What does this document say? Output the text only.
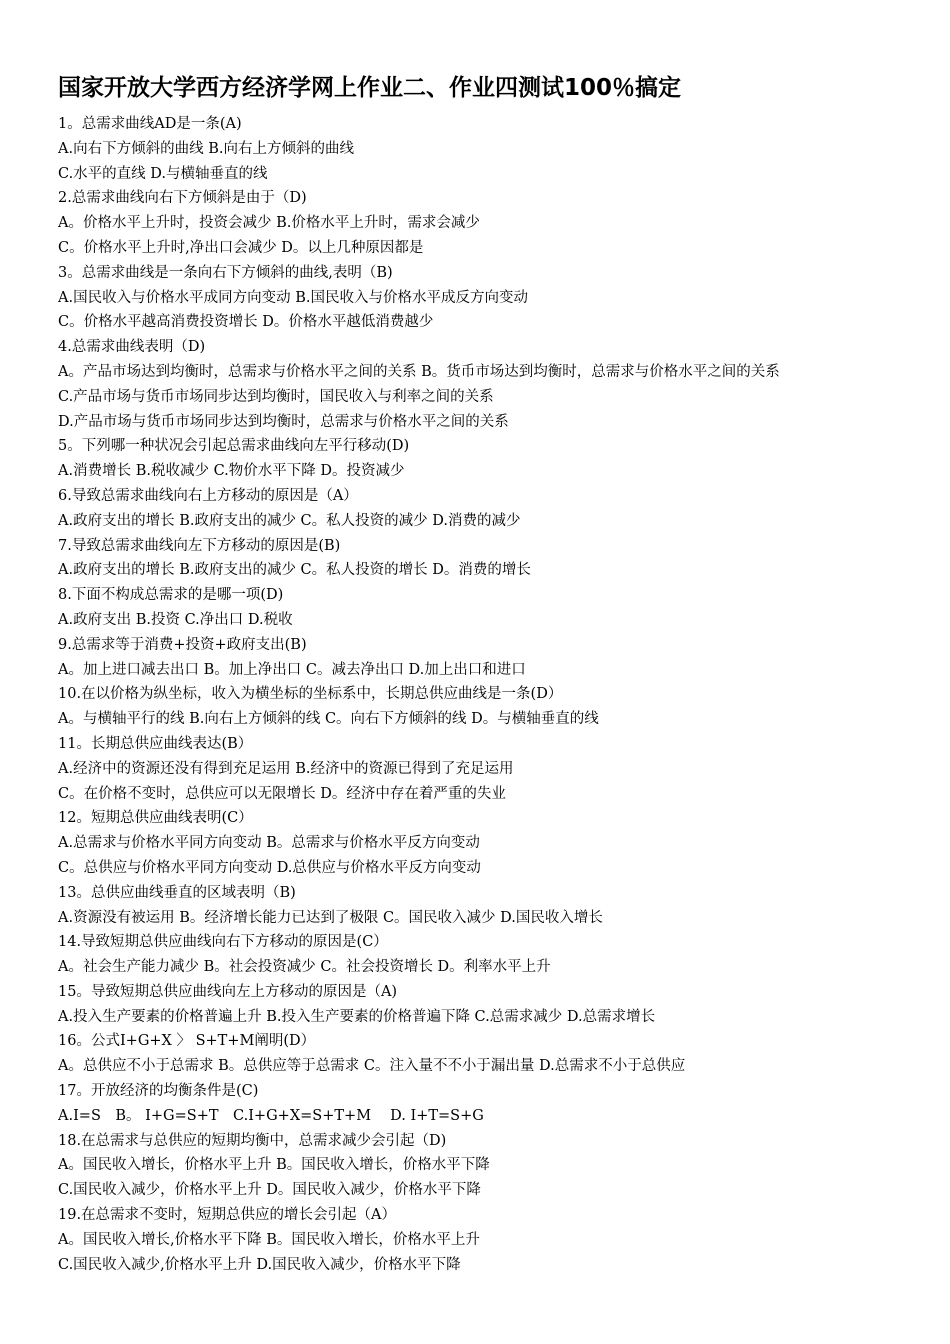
国家开放大学西方经济学网上作业二、作业四测试100％搞定
1。总需求曲线AD是一条(A)
A.向右下方倾斜的曲线 B.向右上方倾斜的曲线
C.水平的直线 D.与横轴垂直的线
2.总需求曲线向右下方倾斜是由于（D)
A。价格水平上升时，投资会减少 B.价格水平上升时，需求会减少
C。价格水平上升时,净出口会减少 D。以上几种原因都是
3。总需求曲线是一条向右下方倾斜的曲线,表明（B)
A.国民收入与价格水平成同方向变动 B.国民收入与价格水平成反方向变动
C。价格水平越高消费投资增长 D。价格水平越低消费越少
4.总需求曲线表明（D)
A。产品市场达到均衡时，总需求与价格水平之间的关系 B。货币市场达到均衡时，总需求与价格水平之间的关系
C.产品市场与货币市场同步达到均衡时，国民收入与利率之间的关系
D.产品市场与货币市场同步达到均衡时，总需求与价格水平之间的关系
5。下列哪一种状况会引起总需求曲线向左平行移动(D)
A.消费增长 B.税收减少 C.物价水平下降 D。投资减少
6.导致总需求曲线向右上方移动的原因是（A）
A.政府支出的增长 B.政府支出的减少 C。私人投资的减少 D.消费的减少
7.导致总需求曲线向左下方移动的原因是(B)
A.政府支出的增长 B.政府支出的减少 C。私人投资的增长 D。消费的增长
8.下面不构成总需求的是哪一项(D)
A.政府支出 B.投资 C.净出口 D.税收
9.总需求等于消费+投资+政府支出(B)
A。加上进口减去出口 B。加上净出口 C。减去净出口 D.加上出口和进口
10.在以价格为纵坐标，收入为横坐标的坐标系中，长期总供应曲线是一条(D）
A。与横轴平行的线 B.向右上方倾斜的线 C。向右下方倾斜的线 D。与横轴垂直的线
11。长期总供应曲线表达(B）
A.经济中的资源还没有得到充足运用 B.经济中的资源已得到了充足运用
C。在价格不变时，总供应可以无限增长 D。经济中存在着严重的失业
12。短期总供应曲线表明(C）
A.总需求与价格水平同方向变动 B。总需求与价格水平反方向变动
C。总供应与价格水平同方向变动 D.总供应与价格水平反方向变动
13。总供应曲线垂直的区域表明（B)
A.资源没有被运用 B。经济增长能力已达到了极限 C。国民收入减少 D.国民收入增长
14.导致短期总供应曲线向右下方移动的原因是(C）
A。社会生产能力减少 B。社会投资减少 C。社会投资增长 D。利率水平上升
15。导致短期总供应曲线向左上方移动的原因是（A)
A.投入生产要素的价格普遍上升 B.投入生产要素的价格普遍下降 C.总需求减少 D.总需求增长
16。公式I+G+X 〉 S+T+M阐明(D）
A。总供应不小于总需求 B。总供应等于总需求 C。注入量不不小于漏出量 D.总需求不小于总供应
17。开放经济的均衡条件是(C)
A.I=S　B。 I+G=S+T　C.I+G+X=S+T+M　 D. I+T=S+G
18.在总需求与总供应的短期均衡中，总需求减少会引起（D)
A。国民收入增长，价格水平上升 B。国民收入增长，价格水平下降
C.国民收入减少，价格水平上升 D。国民收入减少，价格水平下降
19.在总需求不变时，短期总供应的增长会引起（A）
A。国民收入增长,价格水平下降 B。国民收入增长，价格水平上升
C.国民收入减少,价格水平上升 D.国民收入减少，价格水平下降
